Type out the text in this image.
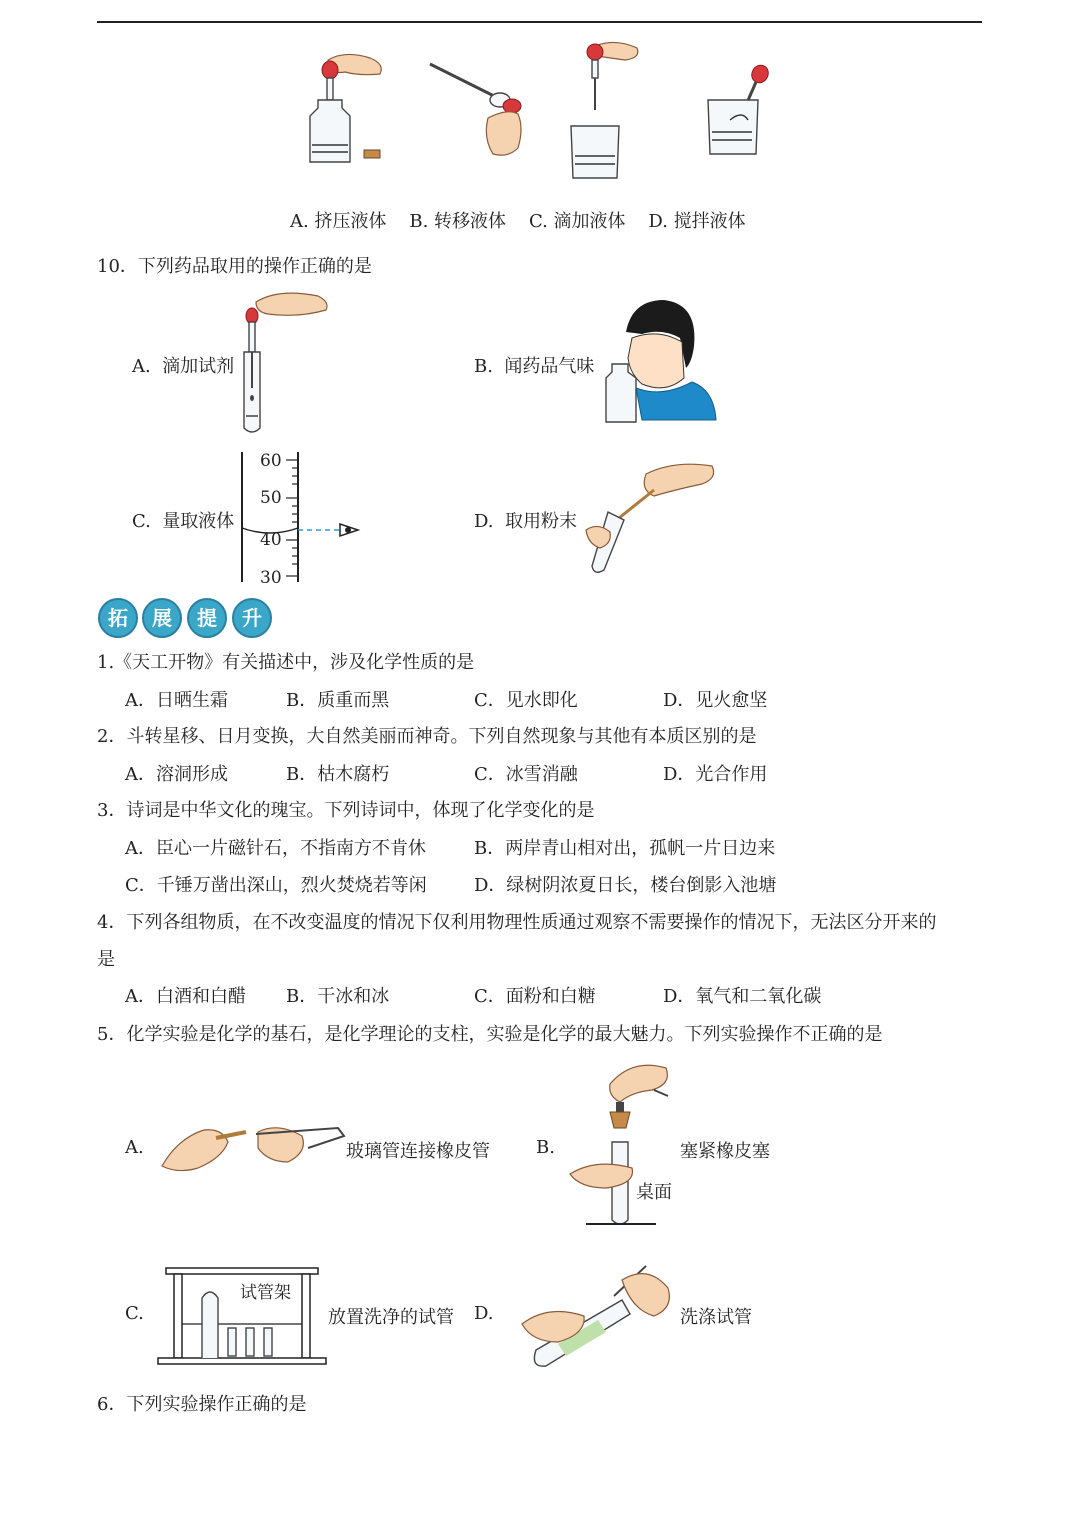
A. 挤压液体 B. 转移液体 C. 滴加液体 D. 搅拌液体
10．下列药品取用的操作正确的是
A. 滴加试剂	B. 闻药品气味
C. 量取液体
60
50
40
30
D. 取用粉末
拓	展	提	升
1.《天工开物》有关描述中，涉及化学性质的是
A．日晒生霜	B．质重而黑	C．见水即化	D．见火愈坚
2．斗转星移、日月变换，大自然美丽而神奇。下列自然现象与其他有本质区别的是
A．溶洞形成	B．枯木腐朽	C．冰雪消融	D．光合作用
3．诗词是中华文化的瑰宝。下列诗词中，体现了化学变化的是
A．臣心一片磁针石，不指南方不肯休	B．两岸青山相对出，孤帆一片日边来
C．千锤万凿出深山，烈火焚烧若等闲	D．绿树阴浓夏日长，楼台倒影入池塘
4．下列各组物质，在不改变温度的情况下仅利用物理性质通过观察不需要操作的情况下，无法区分开来的
是
A．白酒和白醋 B．干冰和冰	C．面粉和白糖	D．氧气和二氧化碳
5．化学实验是化学的基石，是化学理论的支柱，实验是化学的最大魅力。下列实验操作不正确的是
A.	玻璃管连接橡皮管	B.	塞紧橡皮塞
桌面
C.
试管架
放置洗净的试管 D.	洗涤试管
6．下列实验操作正确的是
